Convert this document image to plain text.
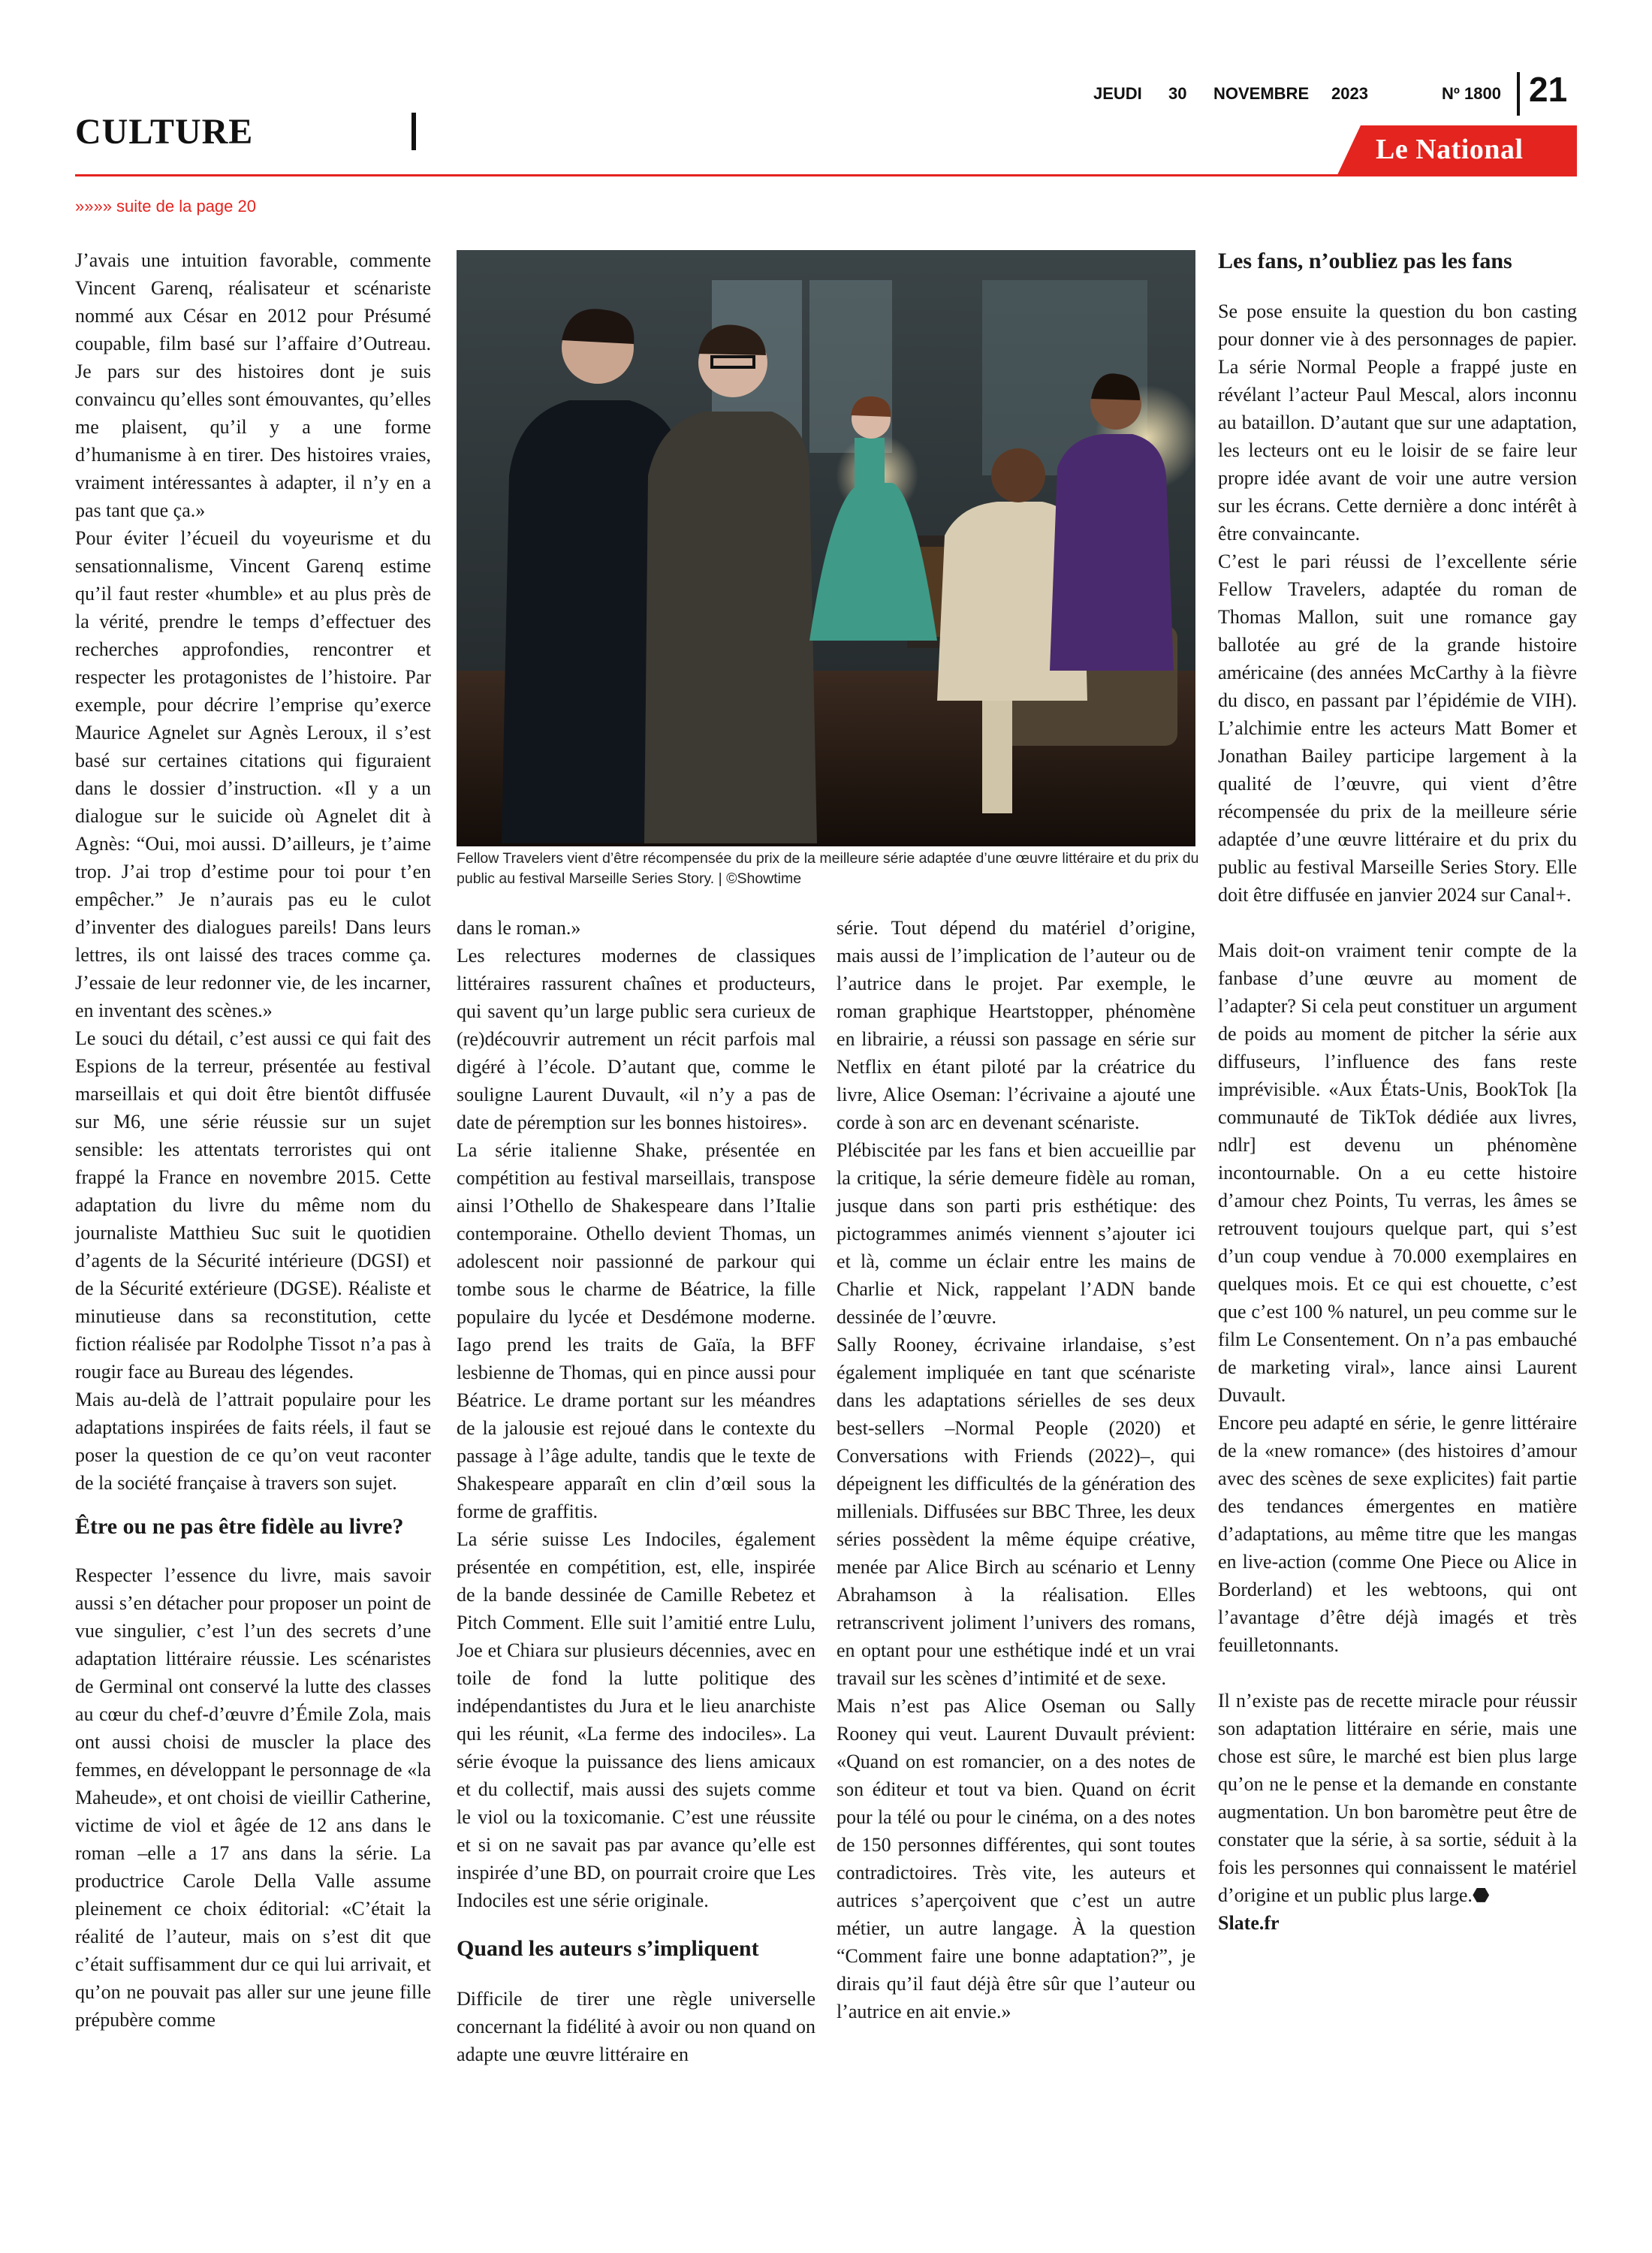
CULTURE
JEUDI 30 NOVEMBRE 2023	Nº 1800 21
Le National
»»»» suite de la page 20

J’avais une intuition favorable, commente Vincent Garenq, réalisateur et scénariste nommé aux César en 2012 pour Présumé coupable, film basé sur l’affaire d’Outreau. Je pars sur des histoires dont je suis convaincu qu’elles sont émouvantes, qu’elles me plaisent, qu’il y a une forme d’humanisme à en tirer. Des histoires vraies, vraiment intéressantes à adapter, il n’y en a pas tant que ça.»

Pour éviter l’écueil du voyeurisme et du sensationnalisme, Vincent Garenq estime qu’il faut rester «humble» et au plus près de la vérité, prendre le temps d’effectuer des recherches approfondies, rencontrer et respecter les protagonistes de l’histoire. Par exemple, pour décrire l’emprise qu’exerce Maurice Agnelet sur Agnès Leroux, il s’est basé sur certaines citations qui figuraient dans le dossier d’instruction. «Il y a un dialogue sur le suicide où Agnelet dit à Agnès: “Oui, moi aussi. D’ailleurs, je t’aime trop. J’ai trop d’estime pour toi pour t’en empêcher.” Je n’aurais pas eu le culot d’inventer des dialogues pareils! Dans leurs lettres, ils ont laissé des traces comme ça. J’essaie de leur redonner vie, de les incarner, en inventant des scènes.»

Le souci du détail, c’est aussi ce qui fait des Espions de la terreur, présentée au festival marseillais et qui doit être bientôt diffusée sur M6, une série réussie sur un sujet sensible: les attentats terroristes qui ont frappé la France en novembre 2015. Cette adaptation du livre du même nom du journaliste Matthieu Suc suit le quotidien d’agents de la Sécurité intérieure (DGSI) et de la Sécurité extérieure (DGSE). Réaliste et minutieuse dans sa reconstitution, cette fiction réalisée par Rodolphe Tissot n’a pas à rougir face au Bureau des légendes.

Mais au-delà de l’attrait populaire pour les adaptations inspirées de faits réels, il faut se poser la question de ce qu’on veut raconter de la société française à travers son sujet.

Être ou ne pas être fidèle au livre?

Respecter l’essence du livre, mais savoir aussi s’en détacher pour proposer un point de vue singulier, c’est l’un des secrets d’une adaptation littéraire réussie. Les scénaristes de Germinal ont conservé la lutte des classes au cœur du chef-d’œuvre d’Émile Zola, mais ont aussi choisi de muscler la place des femmes, en développant le personnage de «la Maheude», et ont choisi de vieillir Catherine, victime de viol et âgée de 12 ans dans le roman –elle a 17 ans dans la série. La productrice Carole Della Valle assume pleinement ce choix éditorial: «C’était la réalité de l’auteur, mais on s’est dit que c’était suffisamment dur ce qui lui arrivait, et qu’on ne pouvait pas aller sur une jeune fille prépubère comme

Fellow Travelers vient d’être récompensée du prix de la meilleure série adaptée d’une œuvre littéraire et du prix du public au festival Marseille Series Story. | ©Showtime

dans le roman.»

Les relectures modernes de classiques littéraires rassurent chaînes et producteurs, qui savent qu’un large public sera curieux de (re)découvrir autrement un récit parfois mal digéré à l’école. D’autant que, comme le souligne Laurent Duvault, «il n’y a pas de date de péremption sur les bonnes histoires».

La série italienne Shake, présentée en compétition au festival marseillais, transpose ainsi l’Othello de Shakespeare dans l’Italie contemporaine. Othello devient Thomas, un adolescent noir passionné de parkour qui tombe sous le charme de Béatrice, la fille populaire du lycée et Desdémone moderne. Iago prend les traits de Gaïa, la BFF lesbienne de Thomas, qui en pince aussi pour Béatrice. Le drame portant sur les méandres de la jalousie est rejoué dans le contexte du passage à l’âge adulte, tandis que le texte de Shakespeare apparaît en clin d’œil sous la forme de graffitis.

La série suisse Les Indociles, également présentée en compétition, est, elle, inspirée de la bande dessinée de Camille Rebetez et Pitch Comment. Elle suit l’amitié entre Lulu, Joe et Chiara sur plusieurs décennies, avec en toile de fond la lutte politique des indépendantistes du Jura et le lieu anarchiste qui les réunit, «La ferme des indociles». La série évoque la puissance des liens amicaux et du collectif, mais aussi des sujets comme le viol ou la toxicomanie. C’est une réussite et si on ne savait pas par avance qu’elle est inspirée d’une BD, on pourrait croire que Les Indociles est une série originale.

Quand les auteurs s’impliquent

Difficile de tirer une règle universelle concernant la fidélité à avoir ou non quand on adapte une œuvre littéraire en

série. Tout dépend du matériel d’origine, mais aussi de l’implication de l’auteur ou de l’autrice dans le projet. Par exemple, le roman graphique Heartstopper, phénomène en librairie, a réussi son passage en série sur Netflix en étant piloté par la créatrice du livre, Alice Oseman: l’écrivaine a ajouté une corde à son arc en devenant scénariste.

Plébiscitée par les fans et bien accueillie par la critique, la série demeure fidèle au roman, jusque dans son parti pris esthétique: des pictogrammes animés viennent s’ajouter ici et là, comme un éclair entre les mains de Charlie et Nick, rappelant l’ADN bande dessinée de l’œuvre.

Sally Rooney, écrivaine irlandaise, s’est également impliquée en tant que scénariste dans les adaptations sérielles de ses deux best-sellers –Normal People (2020) et Conversations with Friends (2022)–, qui dépeignent les difficultés de la génération des millenials. Diffusées sur BBC Three, les deux séries possèdent la même équipe créative, menée par Alice Birch au scénario et Lenny Abrahamson à la réalisation. Elles retranscrivent joliment l’univers des romans, en optant pour une esthétique indé et un vrai travail sur les scènes d’intimité et de sexe.

Mais n’est pas Alice Oseman ou Sally Rooney qui veut. Laurent Duvault prévient: «Quand on est romancier, on a des notes de son éditeur et tout va bien. Quand on écrit pour la télé ou pour le cinéma, on a des notes de 150 personnes différentes, qui sont toutes contradictoires. Très vite, les auteurs et autrices s’aperçoivent que c’est un autre métier, un autre langage. À la question “Comment faire une bonne adaptation?”, je dirais qu’il faut déjà être sûr que l’auteur ou l’autrice en ait envie.»

Les fans, n’oubliez pas les fans

Se pose ensuite la question du bon casting pour donner vie à des personnages de papier. La série Normal People a frappé juste en révélant l’acteur Paul Mescal, alors inconnu au bataillon. D’autant que sur une adaptation, les lecteurs ont eu le loisir de se faire leur propre idée avant de voir une autre version sur les écrans. Cette dernière a donc intérêt à être convaincante.

C’est le pari réussi de l’excellente série Fellow Travelers, adaptée du roman de Thomas Mallon, suit une romance gay ballotée au gré de la grande histoire américaine (des années McCarthy à la fièvre du disco, en passant par l’épidémie de VIH). L’alchimie entre les acteurs Matt Bomer et Jonathan Bailey participe largement à la qualité de l’œuvre, qui vient d’être récompensée du prix de la meilleure série adaptée d’une œuvre littéraire et du prix du public au festival Marseille Series Story. Elle doit être diffusée en janvier 2024 sur Canal+.

Mais doit-on vraiment tenir compte de la fanbase d’une œuvre au moment de l’adapter? Si cela peut constituer un argument de poids au moment de pitcher la série aux diffuseurs, l’influence des fans reste imprévisible. «Aux États-Unis, BookTok [la communauté de TikTok dédiée aux livres, ndlr] est devenu un phénomène incontournable. On a eu cette histoire d’amour chez Points, Tu verras, les âmes se retrouvent toujours quelque part, qui s’est d’un coup vendue à 70.000 exemplaires en quelques mois. Et ce qui est chouette, c’est que c’est 100 % naturel, un peu comme sur le film Le Consentement. On n’a pas embauché de marketing viral», lance ainsi Laurent Duvault.

Encore peu adapté en série, le genre littéraire de la «new romance» (des histoires d’amour avec des scènes de sexe explicites) fait partie des tendances émergentes en matière d’adaptations, au même titre que les mangas en live-action (comme One Piece ou Alice in Borderland) et les webtoons, qui ont l’avantage d’être déjà imagés et très feuilletonnants.

Il n’existe pas de recette miracle pour réussir son adaptation littéraire en série, mais une chose est sûre, le marché est bien plus large qu’on ne le pense et la demande en constante augmentation. Un bon baromètre peut être de constater que la série, à sa sortie, séduit à la fois les personnes qui connaissent le matériel d’origine et un public plus large.⬣

Slate.fr
